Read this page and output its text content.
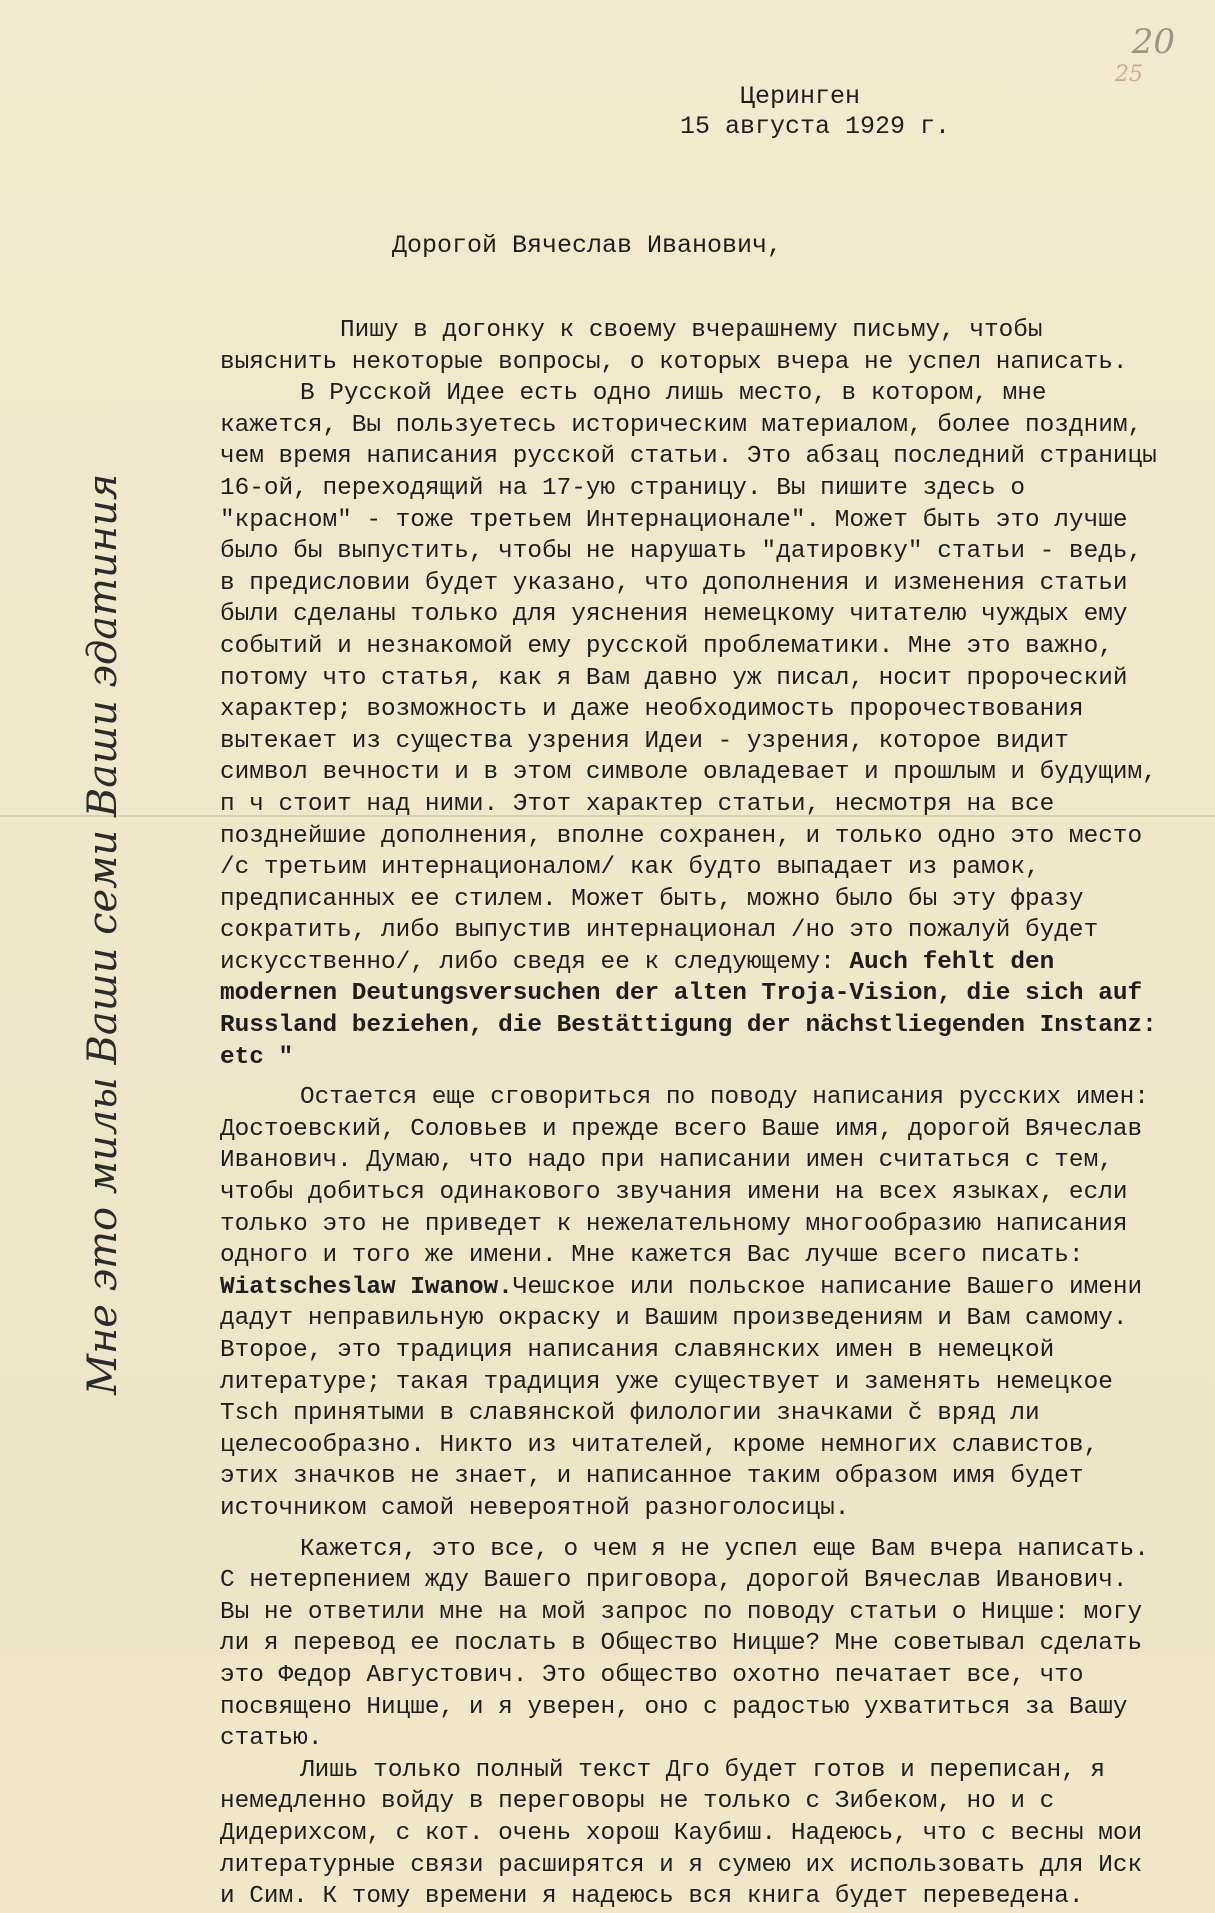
20
25
Церинген
15 августа 1929 г.
Дорогой Вячеслав Иванович,

Пишу в догонку к своему вчерашнему письму, чтобы выяснить некоторые вопросы, о которых вчера не успел написать.

В Русской Идее есть одно лишь место, в котором, мне кажется, Вы пользуетесь историческим материалом, более поздним, чем время написания русской статьи. Это абзац последний страницы 16-ой, переходящий на 17-ую страницу. Вы пишите здесь о "красном" - тоже третьем Интернационале". Может быть это лучше было бы выпустить, чтобы не нарушать "датировку" статьи - ведь, в предисловии будет указано, что дополнения и изменения статьи были сделаны только для уяснения немецкому читателю чуждых ему событий и незнакомой ему русской проблематики. Мне это важно, потому что статья, как я Вам давно уж писал, носит пророческий характер; возможность и даже необходимость пророчествования вытекает из существа узрения Идеи - узрения, которое видит символ вечности и в этом символе овладевает и прошлым и будущим, п ч стоит над ними. Этот характер статьи, несмотря на все позднейшие дополнения, вполне сохранен, и только одно это место /с третьим интернационалом/ как будто выпадает из рамок, предписанных ее стилем. Может быть, можно было бы эту фразу сократить, либо выпустив интернационал /но это пожалуй будет искусственно/, либо сведя ее к следующему: Auch fehlt den modernen Deutungsversuchen der alten Troja-Vision, die sich auf Russland beziehen, die Bestättigung der nächstliegenden Instanz: etc "

Остается еще сговориться по поводу написания русских имен: Достоевский, Соловьев и прежде всего Ваше имя, дорогой Вячеслав Иванович. Думаю, что надо при написании имен считаться с тем, чтобы добиться одинакового звучания имени на всех языках, если только это не приведет к нежелательному многообразию написания одного и того же имени. Мне кажется Вас лучше всего писать: Wiatscheslaw Iwanow.Чешское или польское написание Вашего имени дадут неправильную окраску и Вашим произведениям и Вам самому. Второе, это традиция написания славянских имен в немецкой литературе; такая традиция уже существует и заменять немецкое Tsch принятыми в славянской филологии значками č вряд ли целесообразно. Никто из читателей, кроме немногих славистов, этих значков не знает, и написанное таким образом имя будет источником самой невероятной разноголосицы.

Кажется, это все, о чем я не успел еще Вам вчера написать. С нетерпением жду Вашего приговора, дорогой Вячеслав Иванович. Вы не ответили мне на мой запрос по поводу статьи о Ницше: могу ли я перевод ее послать в Общество Ницше? Мне советывал сделать это Федор Августович. Это общество охотно печатает все, что посвящено Ницше, и я уверен, оно с радостью ухватиться за Вашу статью.

Лишь только полный текст Дго будет готов и переписан, я немедленно войду в переговоры не только с Зибеком, но и с Дидерихсом, с кот. очень хорош Каубиш. Надеюсь, что с весны мои литературные связи расширятся и я сумею их использовать для Иск и Сим. К тому времени я надеюсь вся книга будет переведена.

Мне это милы Ваши семи Ваши эдатиния
